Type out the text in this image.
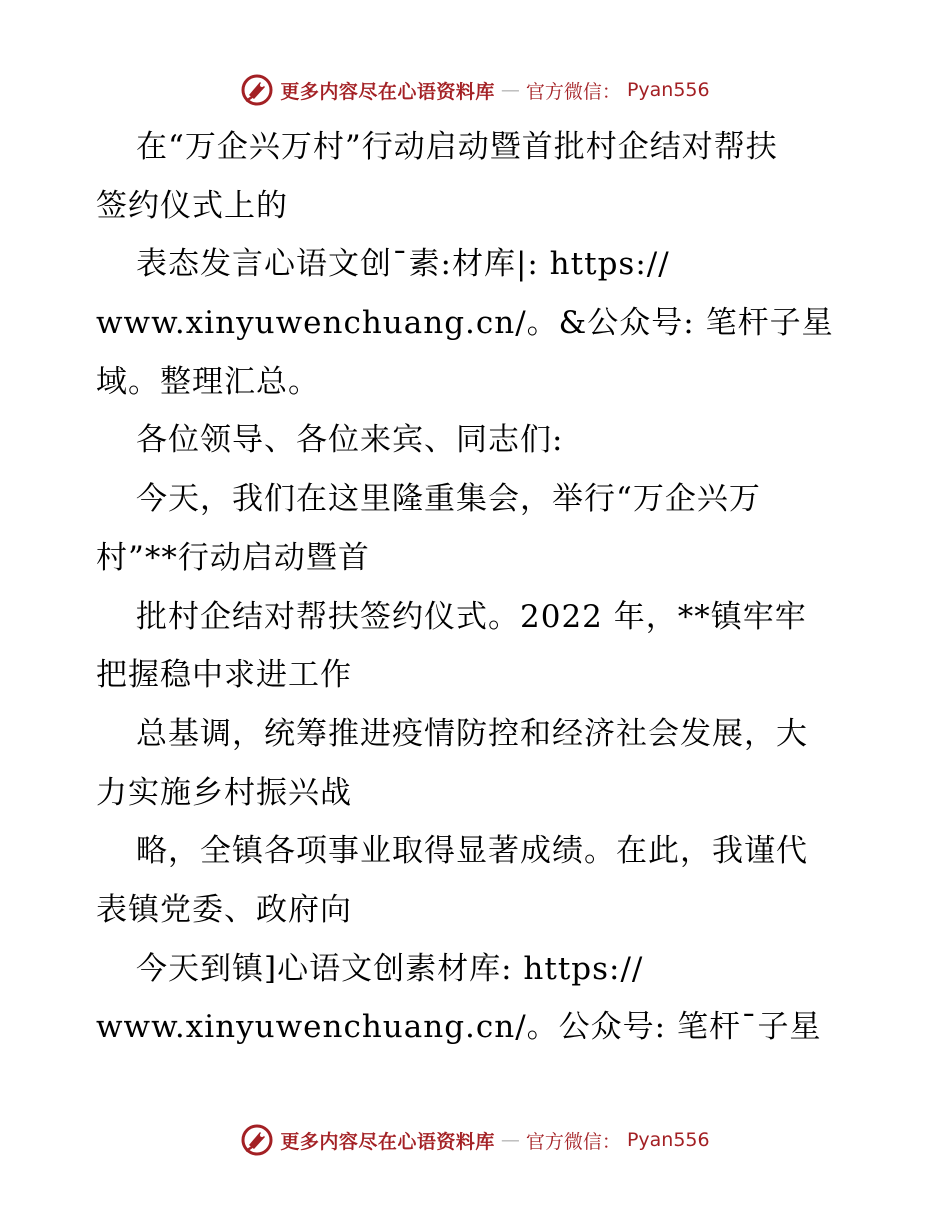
更多内容尽在心语资料库 — 官方微信： Pyan556
在“万企兴万村”行动启动暨首批村企结对帮扶
签约仪式上的
表态发言心语文创¯素:材库|: https://
www.xinyuwenchuang.cn/。&公众号: 笔杆子星
域。整理汇总。
各位领导、各位来宾、同志们:
今天，我们在这里隆重集会，举行“万企兴万
村”**行动启动暨首
批村企结对帮扶签约仪式。2022 年，**镇牢牢
把握稳中求进工作
总基调，统筹推进疫情防控和经济社会发展，大
力实施乡村振兴战
略，全镇各项事业取得显著成绩。在此，我谨代
表镇党委、政府向
今天到镇]心语文创素材库: https://
www.xinyuwenchuang.cn/。公众号: 笔杆¯子星
更多内容尽在心语资料库 — 官方微信： Pyan556
